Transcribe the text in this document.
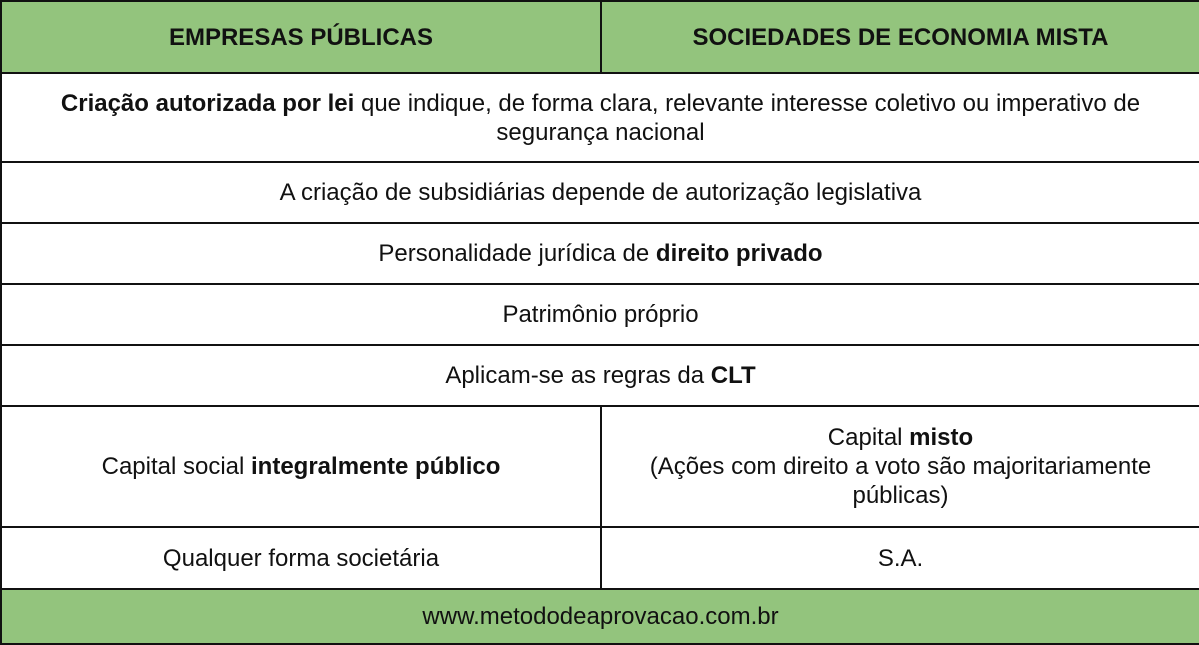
EMPRESAS PÚBLICAS	SOCIEDADES DE ECONOMIA MISTA
Criação autorizada por lei que indique, de forma clara, relevante interesse coletivo ou imperativo de segurança nacional	
A criação de subsidiárias depende de autorização legislativa	
Personalidade jurídica de direito privado	
Patrimônio próprio	
Aplicam-se as regras da CLT	
Capital social integralmente público	Capital misto
(Ações com direito a voto são majoritariamente públicas)
Qualquer forma societária	S.A.
www.metododeaprovacao.com.br	
